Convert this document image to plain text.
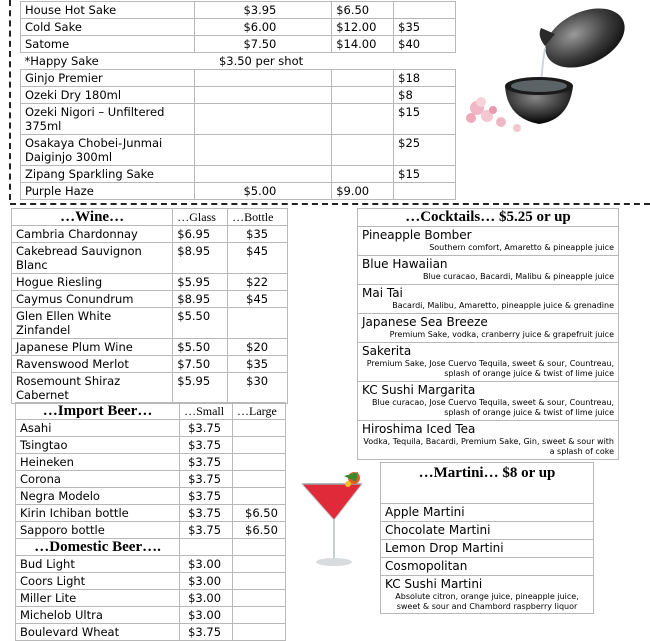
House Hot Sake	$3.95	$6.50	
Cold Sake	$6.00	$12.00	$35
Satome	$7.50	$14.00	$40
*Happy Sake	$3.50 per shot		
Ginjo Premier			$18
Ozeki Dry 180ml			$8
Ozeki Nigori – Unfiltered 375ml			$15
Osakaya Chobei-Junmai Daiginjo 300ml			$25
Zipang Sparkling Sake			$15
Purple Haze	$5.00	$9.00	
…Wine…	…Glass	…Bottle
Cambria Chardonnay	$6.95	$35
Cakebread Sauvignon Blanc	$8.95	$45
Hogue Riesling	$5.95	$22
Caymus Conundrum	$8.95	$45
Glen Ellen White Zinfandel	$5.50	
Japanese Plum Wine	$5.50	$20
Ravenswood Merlot	$7.50	$35
Rosemount Shiraz Cabernet	$5.95	$30
…Cocktails… $5.25 or up

Pineapple Bomber
Southern comfort, Amaretto & pineapple juice

Blue Hawaiian
Blue curacao, Bacardi, Malibu & pineapple juice

Mai Tai
Bacardi, Malibu, Amaretto, pineapple juice & grenadine

Japanese Sea Breeze
Premium Sake, vodka, cranberry juice & grapefruit juice

Sakerita
Premium Sake, Jose Cuervo Tequila, sweet & sour, Countreau, splash of orange juice & twist of lime juice

KC Sushi Margarita
Blue curacao, Jose Cuervo Tequila, sweet & sour, Countreau, splash of orange juice & twist of lime juice

Hiroshima Iced Tea
Vodka, Tequila, Bacardi, Premium Sake, Gin, sweet & sour with a splash of coke
…Import Beer…	…Small	…Large
Asahi	$3.75	
Tsingtao	$3.75	
Heineken	$3.75	
Corona	$3.75	
Negra Modelo	$3.75	
Kirin Ichiban bottle	$3.75	$6.50
Sapporo bottle	$3.75	$6.50
…Domestic Beer….		
Bud Light	$3.00	
Coors Light	$3.00	
Miller Lite	$3.00	
Michelob Ultra	$3.00	
Boulevard Wheat	$3.75	
…Martini… $8 or up

Apple Martini

Chocolate Martini

Lemon Drop Martini

Cosmopolitan

KC Sushi Martini
Absolute citron, orange juice, pineapple juice, sweet & sour and Chambord raspberry liquor
